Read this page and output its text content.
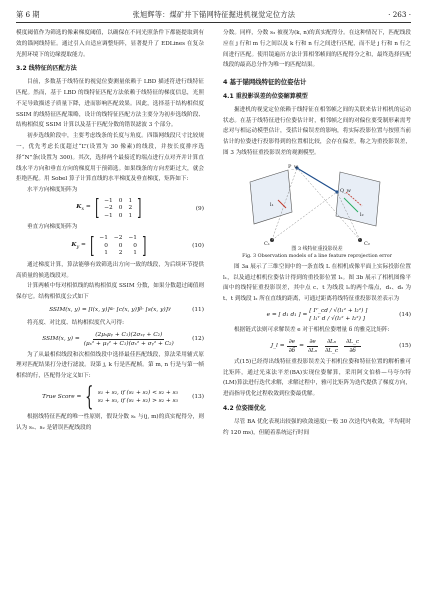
第 6 期	张旭辉等：煤矿井下锚网特征掘进机视觉定位方法	· 263 ·

模度阈值作为筛选的像素梯度阈值，以确保在不同光照条件下都能提取到有效的锚网线特征。通过引入自适应调整矩阵，显著提升了 EDLines 在复杂光照环境下的边缘提取能力。

3.2 线特征的匹配方法

目前，多数基于线特征的视觉位姿测量依赖于 LBD 描述符进行线特征匹配。然而，基于 LBD 的线特征匹配方法依赖于线特征的梯度信息，光照不足导致描述子质量下降，进而影响匹配效果。因此，选择基于结构相似度 SSIM 的线特征匹配策略，设计的线特征匹配方法主要分为初步选线阶段、结构相似度 SSIM 计算以及基于匹配分数的错误滤波 3 个部分。

初步选线阶段中，主要考虑线条的长度与角度。四锚网线段尺寸比较规一，优先考虑长度超过“L”(设置为 30 像素)的线段，并按长度排序选择“N”条(设置为 300)。其次，选择两个最接近的端点进行点对齐并计算直线水平方向和垂直方向的梯度用于预筛选。如果线条的方向差距过大，就会拒绝匹配。用 Sobel 算子计算直线的水平梯度及垂直梯度，矩阵如下:

水平方向梯度矩阵为

$K_x$ = [ −1	0	1
−2	0	2
−1	0	1 ]	(9)

垂直方向梯度矩阵为

$K_y$ = [ −1	−2	−1
0	0	0
1	2	1 ]	(10)

通过梯度计算，算法能够有效筛选出方向一致的线段，为后续环节提供高质量的候选线段对。

计算两帧中每对相似线的结构相似度 SSIM 分数，如果分数超过阈值则保存它。结构相似度公式如下

SSIM(x, y) = [l(x, y)] α · [c(x, y)] β · [s(x, y)] γ	(11)

将亮度、对比度、结构相似度代入可得:

SSIM(x, $y) = \frac{\text{(2μₓμᵧ + C₁)(2σₓᵧ + C₂)}}{\text{(μₓ² + μᵧ² + C₁)(σₓ² + σᵧ² + C₂)}}$	(12)

为了从最相似线段和次相似线段中选择最佳匹配线段，算法采用辅式原理对匹配结果打分进行滤波。设第 j, k 行是匹配帧。第 m, n 行是与第一帧相似的行，匹配得分定义如下:

True Score = { s₁ + s₂, if (s₁ + s₂) < s₂ + s₃
s₂ + s₃, if (s₁ + s₂) > s₂ + s₃
(13)

根据线特征匹配的唯一性原则，假设分数 s₁ 与(j, m)的真实配得分，则认为 s₁、s₂ 是错误匹配线段的

分数。同样，分数 s₃ 被视为(k, n)的真实配得分。在这种情况下，匹配线段应在 j 行和 m 行之间以及 k 行和 n 行之间进行匹配，而不是 j 行和 n 行之间进行匹配。使用镜遍历方法计算相邻帧间的匹配得分之和，最终选择匹配线段的最高总分作为唯一的匹配结果。

4 基于锚网线特征的位姿估计
4.1 重投影误差的位姿解算模型

掘进机的视觉定位依赖于线特征在相邻帧之间的关联来估计相机的运动状态。在基于线特征进行位姿估计时，相邻帧之间的对偏位要受制形素需考虑对与相运动模型估计，受括计偏误差的影响，将实际投影位置与按照当前估计的位姿进行投影得到的位置相比较，会存在偏差，称之为重投影误差，图 3 为线特征重投影误差的观测模型。

C₁	C₂
P_w
Q_w
l₁
l₂
图 3 线特征重投影误差
Fig. 3 Observation models of a line feature reprojection error

图 3a 展示了三维空间中的一条直线 L 在相机成像平面上实际投影位置 l₁，以及通过相机位姿估计得到的重投影位置 l₂。图 3b 展示了相机图像平面中的线特征重投影误差，其中点 c、t 为线段 l₁的两个端点，d₁、d₂ 为 t、t 到线段 l₂ 所在直线的距离，可通过距离将线特征重投影误差表示为

e = [ d₁ d₁ ] =
[ Iᵀ_cd / √(l₁² + l₂²) ]
[ l₁ᵀ d / √(l₁² + l₂²) ]
(14)

根据链式法则可求解误差 e 对于相机位姿增量 δ 的雅克比矩阵:

J_l = $\frac{\partial e}{\partial\delta} = \frac{\partial e}{\text{∂Lₙ}} \frac{\text{∂Lₙ}}{\partial L\_c} \frac{\partial L\_c}{\partial\delta}$	(15)

式(15)已经得出线特征重投影误差关于相机位姿和特征位置的解析雅可比矩阵，通过光束法平差(BA)实现位姿解算，采用阿文伯格—马夸尔特(LM)算法进行迭代求解，求解过程中，雅可比矩阵为迭代提供了梯度方向，进而指导优化过程收敛到位姿最优解。

4.2 位姿图优化

尽管 BA 优化表现出较强的收敛速度(一般 30 次迭代内收敛，平均耗时约 120 ms)，但随着系统运行时间
